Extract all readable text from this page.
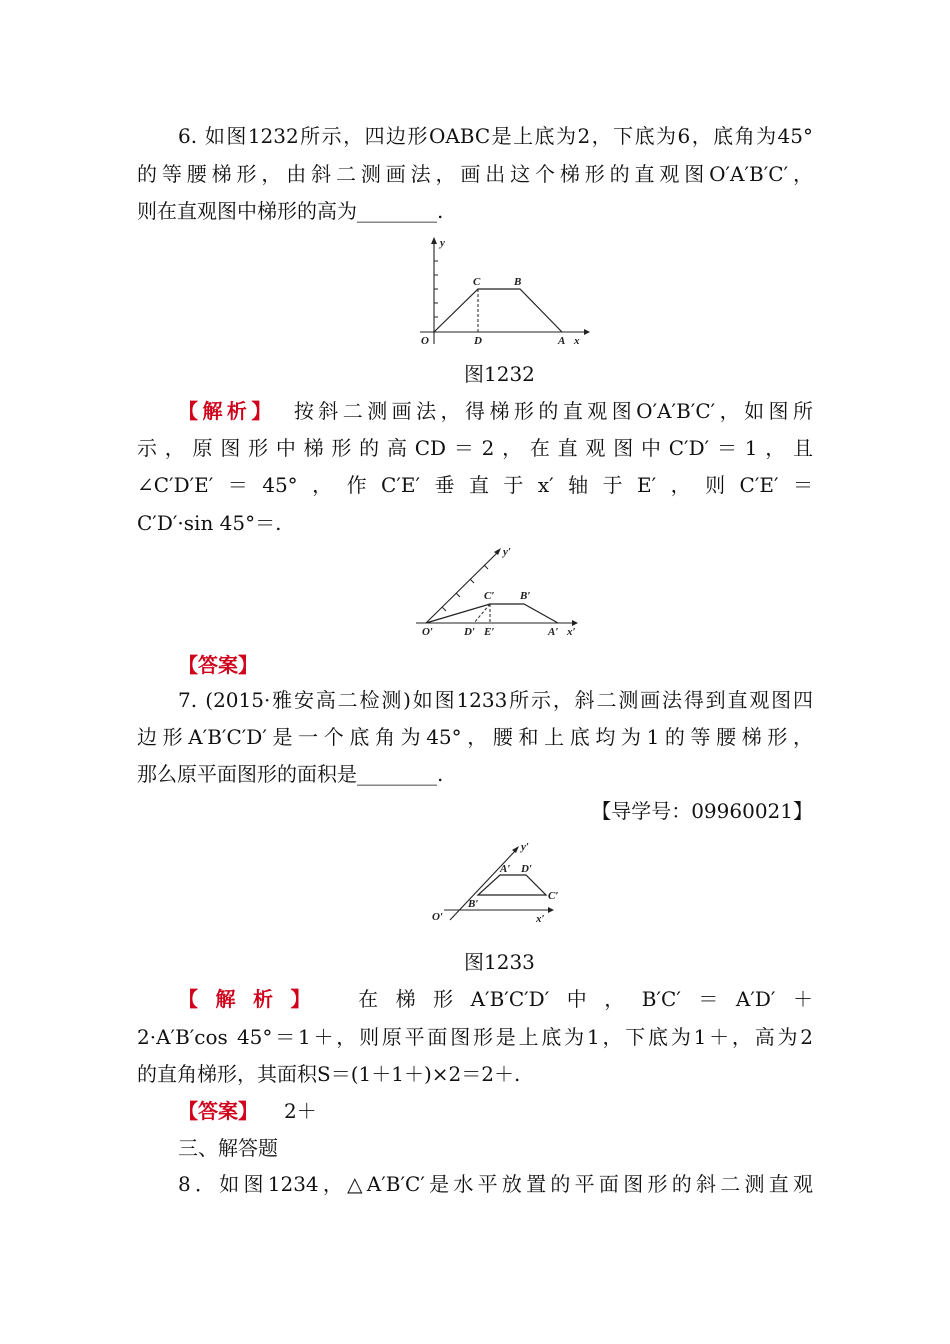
6. 如图1232所示，四边形OABC是上底为2，下底为6，底角为45°
的等腰梯形，由斜二测画法，画出这个梯形的直观图O′A′B′C′，
则在直观图中梯形的高为________.
y
C	B
O	D	A x
图1232
【解析】 按斜二测画法，得梯形的直观图O′A′B′C′，如图所
示，原图形中梯形的高CD＝2，在直观图中C′D′＝1，且
∠C′D′E′＝45°，作C′E′垂直于x′轴于E′，则C′E′＝
C′D′·sin 45°＝.
y′
C′ B′
O′	D′ E′	A′ x′
【答案】
7. (2015·雅安高二检测)如图1233所示，斜二测画法得到直观图四
边形A′B′C′D′是一个底角为45°，腰和上底均为1的等腰梯形，
那么原平面图形的面积是________.
【导学号：09960021】
y′
A′ D′
C′
B′
O′	x′
图1233
【解析】 在梯形A′B′C′D′中，B′C′＝A′D′＋
2·A′B′cos 45°＝1＋，则原平面图形是上底为1，下底为1＋，高为2
的直角梯形，其面积S＝(1＋1＋)×2＝2＋.
【答案】 2＋
三、解答题
8．如图1234，△A′B′C′是水平放置的平面图形的斜二测直观
